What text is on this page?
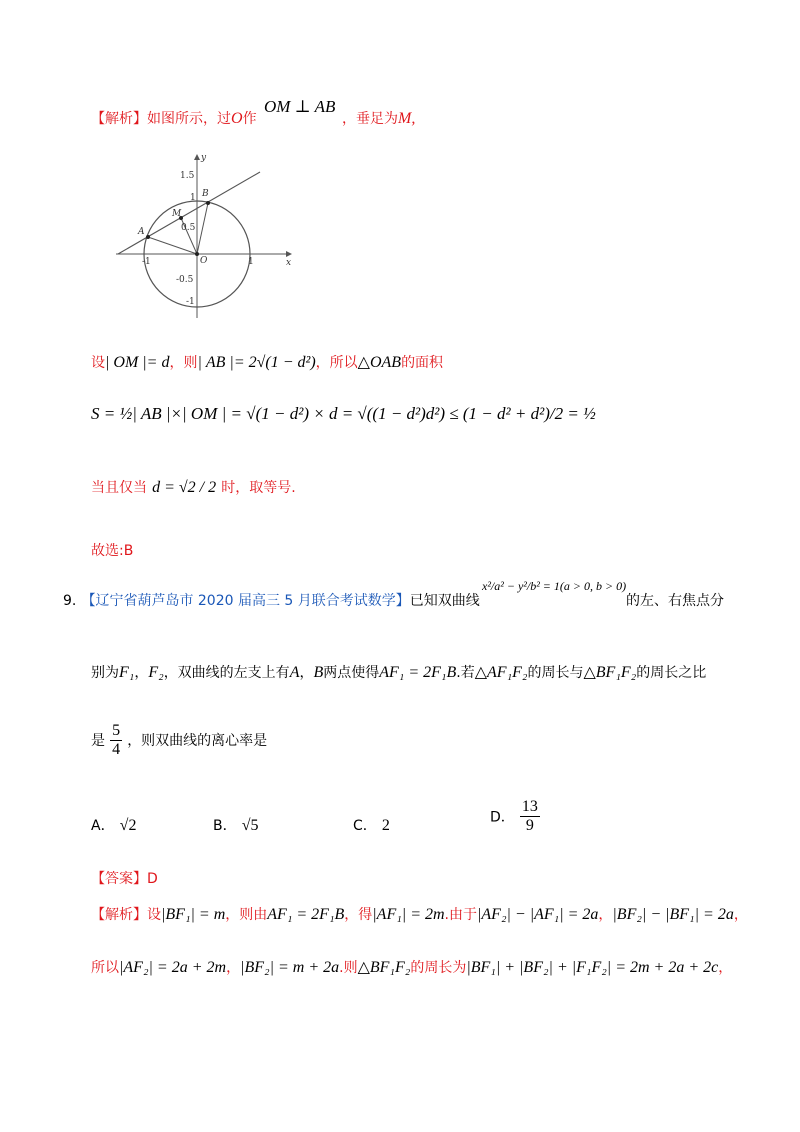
【解析】如图所示，过O作
OM ⊥ AB
，垂足为M,
y
x
1.5
1
0.5
-0.5
-1
-1	1
A
B
M
O
设| OM |= d，则| AB |= 2√(1 − d²)，所以△OAB的面积
S = ½| AB |×| OM | = √(1 − d²) × d = √((1 − d²)d²) ≤ (1 − d² + d²)/2 = ½
当且仅当 d = √2 / 2 时，取等号.
故选:B
9. 【辽宁省葫芦岛市 2020 届高三 5 月联合考试数学】已知双曲线
x²/a² − y²/b² = 1(a > 0, b > 0)
的左、右焦点分
别为F₁，F₂，双曲线的左支上有A，B两点使得AF₁ = 2F₁B.若△AF₁F₂的周长与△BF₁F₂的周长之比
是 $\frac{5}{4}$ ，则双曲线的离心率是
A． √2	B． √5	C． 2	D． $\frac{13}{9}$
【答案】D
【解析】设|BF₁| = m，则由AF₁ = 2F₁B，得|AF₁| = 2m.由于|AF₂| − |AF₁| = 2a，|BF₂| − |BF₁| = 2a，
所以|AF₂| = 2a + 2m，|BF₂| = m + 2a.则△BF₁F₂的周长为|BF₁| + |BF₂| + |F₁F₂| = 2m + 2a + 2c，
